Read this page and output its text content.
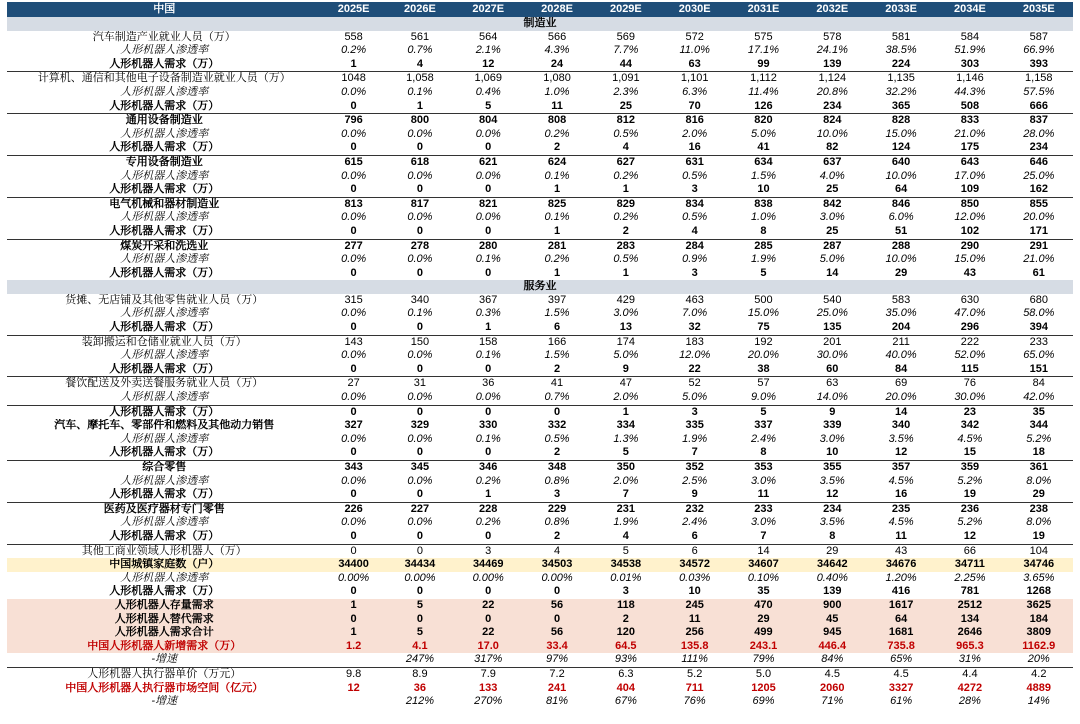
中国	2025E	2026E	2027E	2028E	2029E	2030E	2031E	2032E	2033E	2034E	2035E
制造业											
汽车制造产业就业人员（万）	558	561	564	566	569	572	575	578	581	584	587
人形机器人渗透率	0.2%	0.7%	2.1%	4.3%	7.7%	11.0%	17.1%	24.1%	38.5%	51.9%	66.9%
人形机器人需求（万）	1	4	12	24	44	63	99	139	224	303	393
计算机、通信和其他电子设备制造业就业人员（万）	1048	1,058	1,069	1,080	1,091	1,101	1,112	1,124	1,135	1,146	1,158
人形机器人渗透率	0.0%	0.1%	0.4%	1.0%	2.3%	6.3%	11.4%	20.8%	32.2%	44.3%	57.5%
人形机器人需求（万）	0	1	5	11	25	70	126	234	365	508	666
通用设备制造业	796	800	804	808	812	816	820	824	828	833	837
人形机器人渗透率	0.0%	0.0%	0.0%	0.2%	0.5%	2.0%	5.0%	10.0%	15.0%	21.0%	28.0%
人形机器人需求（万）	0	0	0	2	4	16	41	82	124	175	234
专用设备制造业	615	618	621	624	627	631	634	637	640	643	646
人形机器人渗透率	0.0%	0.0%	0.0%	0.1%	0.2%	0.5%	1.5%	4.0%	10.0%	17.0%	25.0%
人形机器人需求（万）	0	0	0	1	1	3	10	25	64	109	162
电气机械和器材制造业	813	817	821	825	829	834	838	842	846	850	855
人形机器人渗透率	0.0%	0.0%	0.0%	0.1%	0.2%	0.5%	1.0%	3.0%	6.0%	12.0%	20.0%
人形机器人需求（万）	0	0	0	1	2	4	8	25	51	102	171
煤炭开采和洗选业	277	278	280	281	283	284	285	287	288	290	291
人形机器人渗透率	0.0%	0.0%	0.1%	0.2%	0.5%	0.9%	1.9%	5.0%	10.0%	15.0%	21.0%
人形机器人需求（万）	0	0	0	1	1	3	5	14	29	43	61
服务业											
货摊、无店铺及其他零售就业人员（万）	315	340	367	397	429	463	500	540	583	630	680
人形机器人渗透率	0.0%	0.1%	0.3%	1.5%	3.0%	7.0%	15.0%	25.0%	35.0%	47.0%	58.0%
人形机器人需求（万）	0	0	1	6	13	32	75	135	204	296	394
装卸搬运和仓储业就业人员（万）	143	150	158	166	174	183	192	201	211	222	233
人形机器人渗透率	0.0%	0.0%	0.1%	1.5%	5.0%	12.0%	20.0%	30.0%	40.0%	52.0%	65.0%
人形机器人需求（万）	0	0	0	2	9	22	38	60	84	115	151
餐饮配送及外卖送餐服务就业人员（万）	27	31	36	41	47	52	57	63	69	76	84
人形机器人渗透率	0.0%	0.0%	0.0%	0.7%	2.0%	5.0%	9.0%	14.0%	20.0%	30.0%	42.0%
人形机器人需求（万）	0	0	0	0	1	3	5	9	14	23	35
汽车、摩托车、零部件和燃料及其他动力销售	327	329	330	332	334	335	337	339	340	342	344
人形机器人渗透率	0.0%	0.0%	0.1%	0.5%	1.3%	1.9%	2.4%	3.0%	3.5%	4.5%	5.2%
人形机器人需求（万）	0	0	0	2	5	7	8	10	12	15	18
综合零售	343	345	346	348	350	352	353	355	357	359	361
人形机器人渗透率	0.0%	0.0%	0.2%	0.8%	2.0%	2.5%	3.0%	3.5%	4.5%	5.2%	8.0%
人形机器人需求（万）	0	0	1	3	7	9	11	12	16	19	29
医药及医疗器材专门零售	226	227	228	229	231	232	233	234	235	236	238
人形机器人渗透率	0.0%	0.0%	0.2%	0.8%	1.9%	2.4%	3.0%	3.5%	4.5%	5.2%	8.0%
人形机器人需求（万）	0	0	0	2	4	6	7	8	11	12	19
其他工商业领域人形机器人（万）	0	0	3	4	5	6	14	29	43	66	104
中国城镇家庭数（户）	34400	34434	34469	34503	34538	34572	34607	34642	34676	34711	34746
人形机器人渗透率	0.00%	0.00%	0.00%	0.00%	0.01%	0.03%	0.10%	0.40%	1.20%	2.25%	3.65%
人形机器人需求（万）	0	0	0	0	3	10	35	139	416	781	1268
人形机器人存量需求	1	5	22	56	118	245	470	900	1617	2512	3625
人形机器人替代需求	0	0	0	0	2	11	29	45	64	134	184
人形机器人需求合计	1	5	22	56	120	256	499	945	1681	2646	3809
中国人形机器人新增需求（万）	1.2	4.1	17.0	33.4	64.5	135.8	243.1	446.4	735.8	965.3	1162.9
-增速		247%	317%	97%	93%	111%	79%	84%	65%	31%	20%
人形机器人执行器单价（万元）	9.8	8.9	7.9	7.2	6.3	5.2	5.0	4.5	4.5	4.4	4.2
中国人形机器人执行器市场空间（亿元）	12	36	133	241	404	711	1205	2060	3327	4272	4889
-增速		212%	270%	81%	67%	76%	69%	71%	61%	28%	14%
